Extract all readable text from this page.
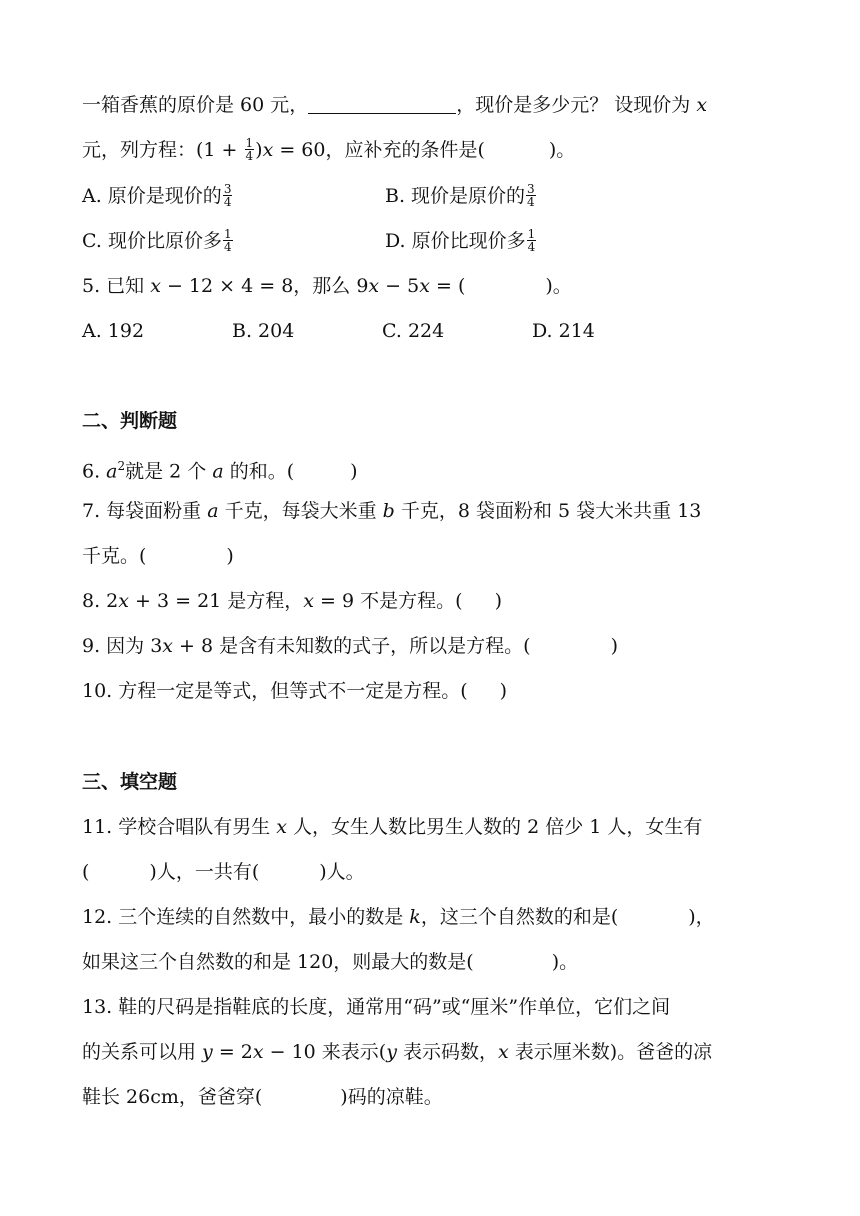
一箱香蕉的原价是 60 元，	，现价是多少元？ 设现价为 x
元，列方程：$(1 + \frac{1}{4} )x = 60$，应补充的条件是(	)。
A. 原价是现价的 $\frac{3}{4}$	B. 现价是原价的 $\frac{3}{4}$
C. 现价比原价多 $\frac{1}{4}$	D. 原价比现价多 $\frac{1}{4}$
5. 已知 x − 12 × 4 = 8，那么 9x − 5x = (	)。
A. 192	B. 204	C. 224	D. 214
二、判断题
6. $a^2$就是 2 个 a 的和。(	)
7. 每袋面粉重 a 千克，每袋大米重 b 千克，8 袋面粉和 5 袋大米共重 13
千克。(	)
8. 2x + 3 = 21 是方程，x = 9 不是方程。( )
9. 因为 3x + 8 是含有未知数的式子，所以是方程。(	)
10. 方程一定是等式，但等式不一定是方程。( )
三、填空题
11. 学校合唱队有男生 x 人，女生人数比男生人数的 2 倍少 1 人，女生有
(	)人，一共有(	)人。
12. 三个连续的自然数中，最小的数是 k，这三个自然数的和是(	)，
如果这三个自然数的和是 120，则最大的数是(	)。
13. 鞋的尺码是指鞋底的长度，通常用“码”或“厘米”作单位，它们之间
的关系可以用 y = 2x − 10 来表示(y 表示码数，x 表示厘米数)。爸爸的凉
鞋长 26cm，爸爸穿(	)码的凉鞋。
